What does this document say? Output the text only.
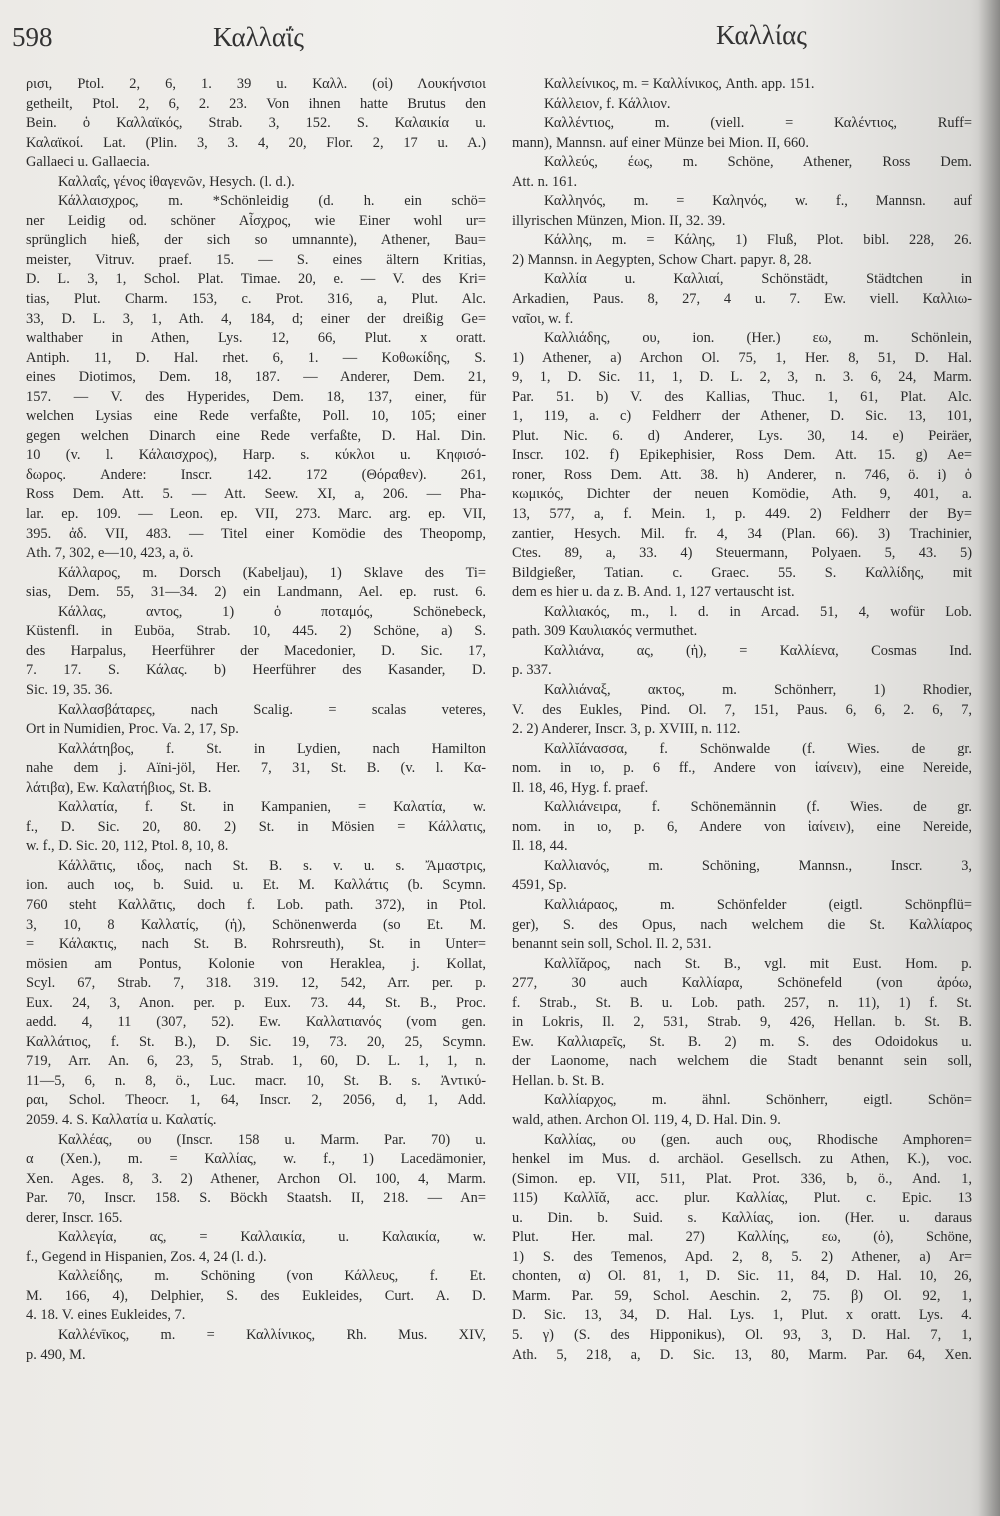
598	Καλλαΐς	Καλλίας
ρισι, Ptol. 2, 6, 1. 39 u. Καλλ. (οἱ) Λουκήνσιοι
getheilt, Ptol. 2, 6, 2. 23. Von ihnen hatte Brutus den
Bein. ὁ Καλλαϊκός, Strab. 3, 152. S. Καλαικία u.
Καλαϊκοί. Lat. (Plin. 3, 3. 4, 20, Flor. 2, 17 u. A.)
Gallaeci u. Gallaecia.
Καλλαΐς, γένος ἰθαγενῶν, Hesych. (l. d.).
Κάλλαισχρος, m. *Schönleidig (d. h. ein schö=
ner Leidig od. schöner Αἶσχρος, wie Einer wohl ur=
sprünglich hieß, der sich so umnannte), Athener, Bau=
meister, Vitruv. praef. 15. — S. eines ältern Kritias,
D. L. 3, 1, Schol. Plat. Timae. 20, e. — V. des Kri=
tias, Plut. Charm. 153, c. Prot. 316, a, Plut. Alc.
33, D. L. 3, 1, Ath. 4, 184, d; einer der dreißig Ge=
walthaber in Athen, Lys. 12, 66, Plut. x oratt.
Antiph. 11, D. Hal. rhet. 6, 1. — Κοθωκίδης, S.
eines Diotimos, Dem. 18, 187. — Anderer, Dem. 21,
157. — V. des Hyperides, Dem. 18, 137, einer, für
welchen Lysias eine Rede verfaßte, Poll. 10, 105; einer
gegen welchen Dinarch eine Rede verfaßte, D. Hal. Din.
10 (v. l. Κάλαισχρος), Harp. s. κύκλοι u. Κηφισό-
δωρος. Andere: Inscr. 142. 172 (Θόραθεν). 261,
Ross Dem. Att. 5. — Att. Seew. XI, a, 206. — Pha-
lar. ep. 109. — Leon. ep. VII, 273. Marc. arg. ep. VII,
395. ἀδ. VII, 483. — Titel einer Komödie des Theopomp,
Ath. 7, 302, e—10, 423, a, ö.
Κάλλαρος, m. Dorsch (Kabeljau), 1) Sklave des Ti=
sias, Dem. 55, 31—34. 2) ein Landmann, Ael. ep. rust. 6.
Κάλλας, αντος, 1) ὁ ποταμός, Schönebeck,
Küstenfl. in Euböa, Strab. 10, 445. 2) Schöne, a) S.
des Harpalus, Heerführer der Macedonier, D. Sic. 17,
7. 17. S. Κάλας. b) Heerführer des Kasander, D.
Sic. 19, 35. 36.
Καλλασβάταρες, nach Scalig. = scalas veteres,
Ort in Numidien, Proc. Va. 2, 17, Sp.
Καλλάτηβος, f. St. in Lydien, nach Hamilton
nahe dem j. Aïni-jöl, Her. 7, 31, St. B. (v. l. Κα-
λάτιβα), Ew. Καλατήβιος, St. B.
Καλλατία, f. St. in Kampanien, = Καλατία, w.
f., D. Sic. 20, 80. 2) St. in Mösien = Κάλλατις,
w. f., D. Sic. 20, 112, Ptol. 8, 10, 8.
Κάλλᾱτις, ιδος, nach St. B. s. v. u. s. Ἄμαστρις,
ion. auch ιος, b. Suid. u. Et. M. Καλλάτις (b. Scymn.
760 steht Καλλᾶτις, doch f. Lob. path. 372), in Ptol.
3, 10, 8 Καλλατίς, (ἡ), Schönenwerda (so Et. M.
= Κάλακτις, nach St. B. Rohrsreuth), St. in Unter=
mösien am Pontus, Kolonie von Heraklea, j. Kollat,
Scyl. 67, Strab. 7, 318. 319. 12, 542, Arr. per. p.
Eux. 24, 3, Anon. per. p. Eux. 73. 44, St. B., Proc.
aedd. 4, 11 (307, 52). Ew. Καλλατιανός (vom gen.
Καλλάτιος, f. St. B.), D. Sic. 19, 73. 20, 25, Scymn.
719, Arr. An. 6, 23, 5, Strab. 1, 60, D. L. 1, 1, n.
11—5, 6, n. 8, ö., Luc. macr. 10, St. B. s. Ἀντικύ-
ραι, Schol. Theocr. 1, 64, Inscr. 2, 2056, d, 1, Add.
2059. 4. S. Καλλατία u. Καλατίς.
Καλλέας, ου (Inscr. 158 u. Marm. Par. 70) u.
α (Xen.), m. = Καλλίας, w. f., 1) Lacedämonier,
Xen. Ages. 8, 3. 2) Athener, Archon Ol. 100, 4, Marm.
Par. 70, Inscr. 158. S. Böckh Staatsh. II, 218. — An=
derer, Inscr. 165.
Καλλεγία, ας, = Καλλαικία, u. Καλαικία, w.
f., Gegend in Hispanien, Zos. 4, 24 (l. d.).
Καλλείδης, m. Schöning (von Κάλλευς, f. Et.
M. 166, 4), Delphier, S. des Eukleides, Curt. A. D.
4. 18. V. eines Eukleides, 7.
Καλλένῑκος, m. = Καλλίνικος, Rh. Mus. XIV,
p. 490, M.
Καλλείνικος, m. = Καλλίνικος, Anth. app. 151.
Κάλλειον, f. Κάλλιον.
Καλλέντιος, m. (viell. = Καλέντιος, Ruff=
mann), Mannsn. auf einer Münze bei Mion. II, 660.
Καλλεύς, έως, m. Schöne, Athener, Ross Dem.
Att. n. 161.
Καλληνός, m. = Καληνός, w. f., Mannsn. auf
illyrischen Münzen, Mion. II, 32. 39.
Κάλλης, m. = Κάλης, 1) Fluß, Plot. bibl. 228, 26.
2) Mannsn. in Aegypten, Schow Chart. papyr. 8, 28.
Καλλία u. Καλλιαί, Schönstädt, Städtchen in
Arkadien, Paus. 8, 27, 4 u. 7. Ew. viell. Καλλιω-
ναῖοι, w. f.
Καλλιάδης, ου, ion. (Her.) εω, m. Schönlein,
1) Athener, a) Archon Ol. 75, 1, Her. 8, 51, D. Hal.
9, 1, D. Sic. 11, 1, D. L. 2, 3, n. 3. 6, 24, Marm.
Par. 51. b) V. des Kallias, Thuc. 1, 61, Plat. Alc.
1, 119, a. c) Feldherr der Athener, D. Sic. 13, 101,
Plut. Nic. 6. d) Anderer, Lys. 30, 14. e) Peiräer,
Inscr. 102. f) Epikephisier, Ross Dem. Att. 15. g) Ae=
roner, Ross Dem. Att. 38. h) Anderer, n. 746, ö. i) ὁ
κωμικός, Dichter der neuen Komödie, Ath. 9, 401, a.
13, 577, a, f. Mein. 1, p. 449. 2) Feldherr der By=
zantier, Hesych. Mil. fr. 4, 34 (Plan. 66). 3) Trachinier,
Ctes. 89, a, 33. 4) Steuermann, Polyaen. 5, 43. 5)
Bildgießer, Tatian. c. Graec. 55. S. Καλλίδης, mit
dem es hier u. da z. B. And. 1, 127 vertauscht ist.
Καλλιακός, m., l. d. in Arcad. 51, 4, wofür Lob.
path. 309 Καυλιακός vermuthet.
Καλλιάνα, ας, (ἡ), = Καλλίενα, Cosmas Ind.
p. 337.
Καλλιάναξ, ακτος, m. Schönherr, 1) Rhodier,
V. des Eukles, Pind. Ol. 7, 151, Paus. 6, 6, 2. 6, 7,
2. 2) Anderer, Inscr. 3, p. XVIII, n. 112.
Καλλῐάνασσα, f. Schönwalde (f. Wies. de gr.
nom. in ιο, p. 6 ff., Andere von ἰαίνειν), eine Nereide,
Il. 18, 46, Hyg. f. praef.
Καλλιάνειρα, f. Schönemännin (f. Wies. de gr.
nom. in ιο, p. 6, Andere von ἰαίνειν), eine Nereide,
Il. 18, 44.
Καλλιανός, m. Schöning, Mannsn., Inscr. 3,
4591, Sp.
Καλλιάραος, m. Schönfelder (eigtl. Schönpflü=
ger), S. des Opus, nach welchem die St. Καλλίαρος
benannt sein soll, Schol. Il. 2, 531.
Καλλῐᾰρος, nach St. B., vgl. mit Eust. Hom. p.
277, 30 auch Καλλίαρα, Schönefeld (von ἀρόω,
f. Strab., St. B. u. Lob. path. 257, n. 11), 1) f. St.
in Lokris, Il. 2, 531, Strab. 9, 426, Hellan. b. St. B.
Ew. Καλλιαρεῖς, St. B. 2) m. S. des Odoidokus u.
der Laonome, nach welchem die Stadt benannt sein soll,
Hellan. b. St. B.
Καλλίαρχος, m. ähnl. Schönherr, eigtl. Schön=
wald, athen. Archon Ol. 119, 4, D. Hal. Din. 9.
Καλλίας, ου (gen. auch ους, Rhodische Amphoren=
henkel im Mus. d. archäol. Gesellsch. zu Athen, K.), voc.
(Simon. ep. VII, 511, Plat. Prot. 336, b, ö., And. 1,
115) Καλλῐᾰ, acc. plur. Καλλίας, Plut. c. Epic. 13
u. Din. b. Suid. s. Καλλίας, ion. (Her. u. daraus
Plut. Her. mal. 27) Καλλίης, εω, (ὁ), Schöne,
1) S. des Temenos, Apd. 2, 8, 5. 2) Athener, a) Ar=
chonten, α) Ol. 81, 1, D. Sic. 11, 84, D. Hal. 10, 26,
Marm. Par. 59, Schol. Aeschin. 2, 75. β) Ol. 92, 1,
D. Sic. 13, 34, D. Hal. Lys. 1, Plut. x oratt. Lys. 4.
5. γ) (S. des Hipponikus), Ol. 93, 3, D. Hal. 7, 1,
Ath. 5, 218, a, D. Sic. 13, 80, Marm. Par. 64, Xen.
